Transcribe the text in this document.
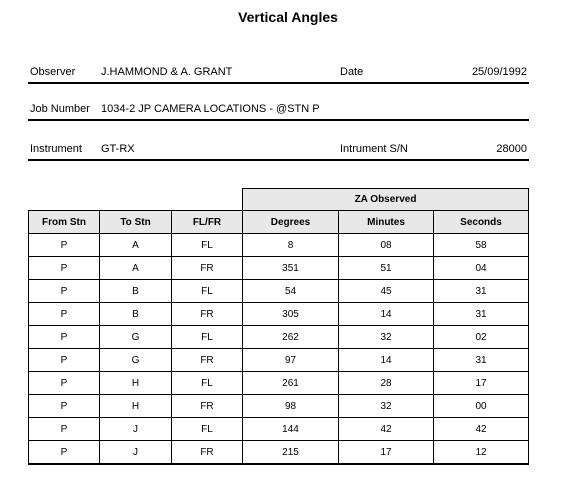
Vertical Angles
Observer J.HAMMOND & A. GRANT	Date	25/09/1992
Job Number 1034-2 JP CAMERA LOCATIONS - @STN P
Instrument GT-RX	Intrument S/N	28000
ZA Observed
From Stn	To Stn	FL/FR	Degrees	Minutes	Seconds
P	A	FL	8	08	58
P	A	FR	351	51	04
P	B	FL	54	45	31
P	B	FR	305	14	31
P	G	FL	262	32	02
P	G	FR	97	14	31
P	H	FL	261	28	17
P	H	FR	98	32	00
P	J	FL	144	42	42
P	J	FR	215	17	12
